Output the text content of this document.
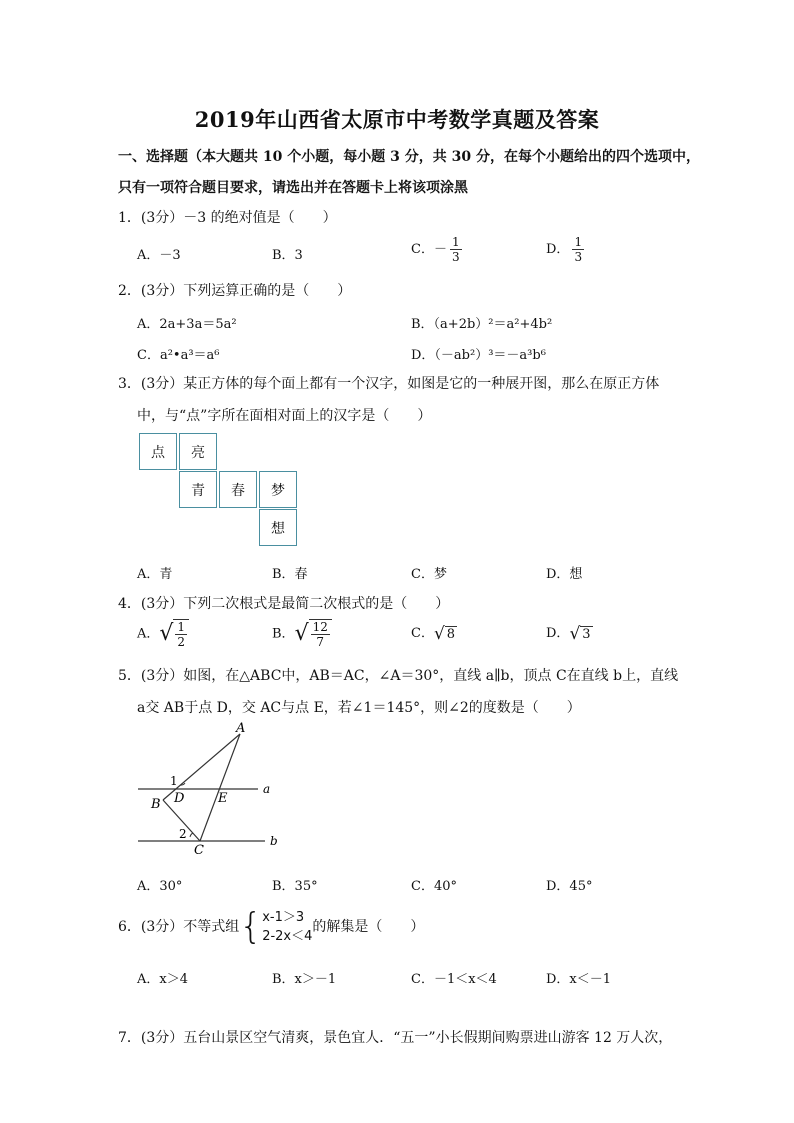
2019年山西省太原市中考数学真题及答案
一、选择题（本大题共 10 个小题，每小题 3 分，共 30 分，在每个小题给出的四个选项中，
只有一项符合题目要求，请选出并在答题卡上将该项涂黑
1．(3分）－3 的绝对值是（　　）
A．－3	B．3	C．－ $\frac{1}{3}$	D． $\frac{1}{3}$
2．(3分）下列运算正确的是（　　）
A．2a+3a＝5a²	B．（a+2b）²＝a²+4b²
C．a²•a³＝a⁶	D．（－ab²）³＝－a³b⁶
3．(3分）某正方体的每个面上都有一个汉字，如图是它的一种展开图，那么在原正方体
中，与“点”字所在面相对面上的汉字是（　　）
点	亮
青	春	梦
想
A．青	B．春	C．梦	D．想
4．(3分）下列二次根式是最简二次根式的是（　　）
A． √ $\frac{1}{2}$	B． √ $\frac{12}{7}$	C． √ 8	D． √ 3
5．(3分）如图，在△ABC中，AB＝AC，∠A＝30°，直线 a∥b，顶点 C在直线 b上，直线
a交 AB于点 D，交 AC与点 E，若∠1＝145°，则∠2的度数是（　　）
A
B
C
D	E
a
b
1
2
A．30°	B．35°	C．40°	D．45°
6．(3分）不等式组 { x-1＞3
2-2x＜4
的解集是（　　）
A．x＞4	B．x＞－1	C．－1＜x＜4	D．x＜－1
7．(3分）五台山景区空气清爽，景色宜人．“五一”小长假期间购票进山游客 12 万人次，
